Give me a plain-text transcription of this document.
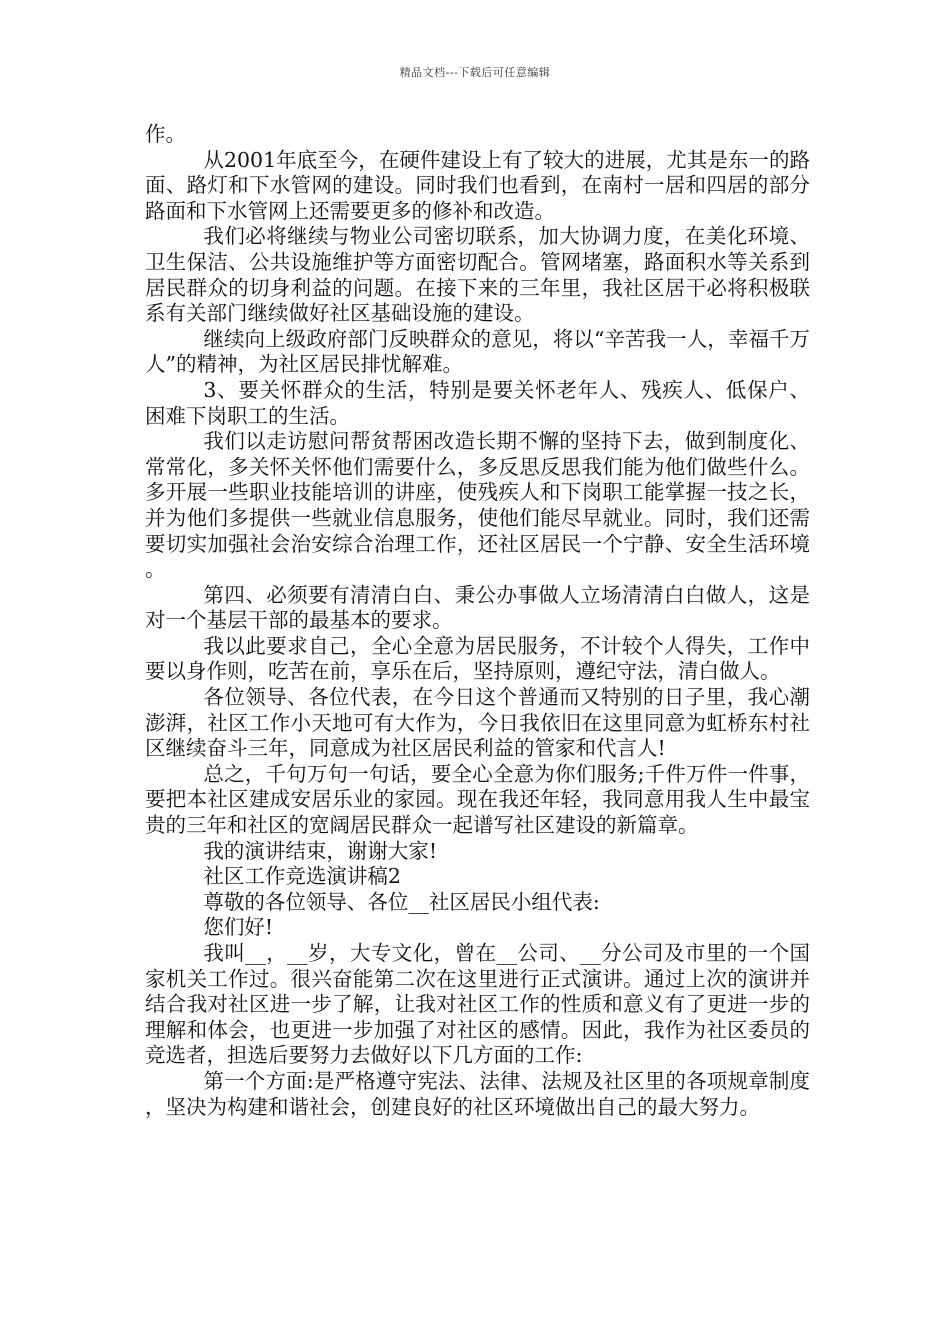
精品文档---下载后可任意编辑

作。

从2001年底至今，在硬件建设上有了较大的进展，尤其是东一的路面、路灯和下水管网的建设。同时我们也看到，在南村一居和四居的部分路面和下水管网上还需要更多的修补和改造。

我们必将继续与物业公司密切联系，加大协调力度，在美化环境、卫生保洁、公共设施维护等方面密切配合。管网堵塞，路面积水等关系到居民群众的切身利益的问题。在接下来的三年里，我社区居干必将积极联系有关部门继续做好社区基础设施的建设。

继续向上级政府部门反映群众的意见，将以“辛苦我一人，幸福千万人”的精神，为社区居民排忧解难。

3、要关怀群众的生活，特别是要关怀老年人、残疾人、低保户、困难下岗职工的生活。

我们以走访慰问帮贫帮困改造长期不懈的坚持下去，做到制度化、常常化，多关怀关怀他们需要什么，多反思反思我们能为他们做些什么。多开展一些职业技能培训的讲座，使残疾人和下岗职工能掌握一技之长，并为他们多提供一些就业信息服务，使他们能尽早就业。同时，我们还需要切实加强社会治安综合治理工作，还社区居民一个宁静、安全生活环境。

第四、必须要有清清白白、秉公办事做人立场清清白白做人，这是对一个基层干部的最基本的要求。

我以此要求自己，全心全意为居民服务，不计较个人得失，工作中要以身作则，吃苦在前，享乐在后，坚持原则，遵纪守法，清白做人。

各位领导、各位代表，在今日这个普通而又特别的日子里，我心潮澎湃，社区工作小天地可有大作为，今日我依旧在这里同意为虹桥东村社区继续奋斗三年，同意成为社区居民利益的管家和代言人!

总之，千句万句一句话，要全心全意为你们服务;千件万件一件事，要把本社区建成安居乐业的家园。现在我还年轻，我同意用我人生中最宝贵的三年和社区的宽阔居民群众一起谱写社区建设的新篇章。

我的演讲结束，谢谢大家!

社区工作竞选演讲稿2

尊敬的各位领导、各位__社区居民小组代表:

您们好!

我叫__，__岁，大专文化，曾在__公司、__分公司及市里的一个国家机关工作过。很兴奋能第二次在这里进行正式演讲。通过上次的演讲并结合我对社区进一步了解，让我对社区工作的性质和意义有了更进一步的理解和体会，也更进一步加强了对社区的感情。因此，我作为社区委员的竞选者，担选后要努力去做好以下几方面的工作:

第一个方面:是严格遵守宪法、法律、法规及社区里的各项规章制度，坚决为构建和谐社会，创建良好的社区环境做出自己的最大努力。
